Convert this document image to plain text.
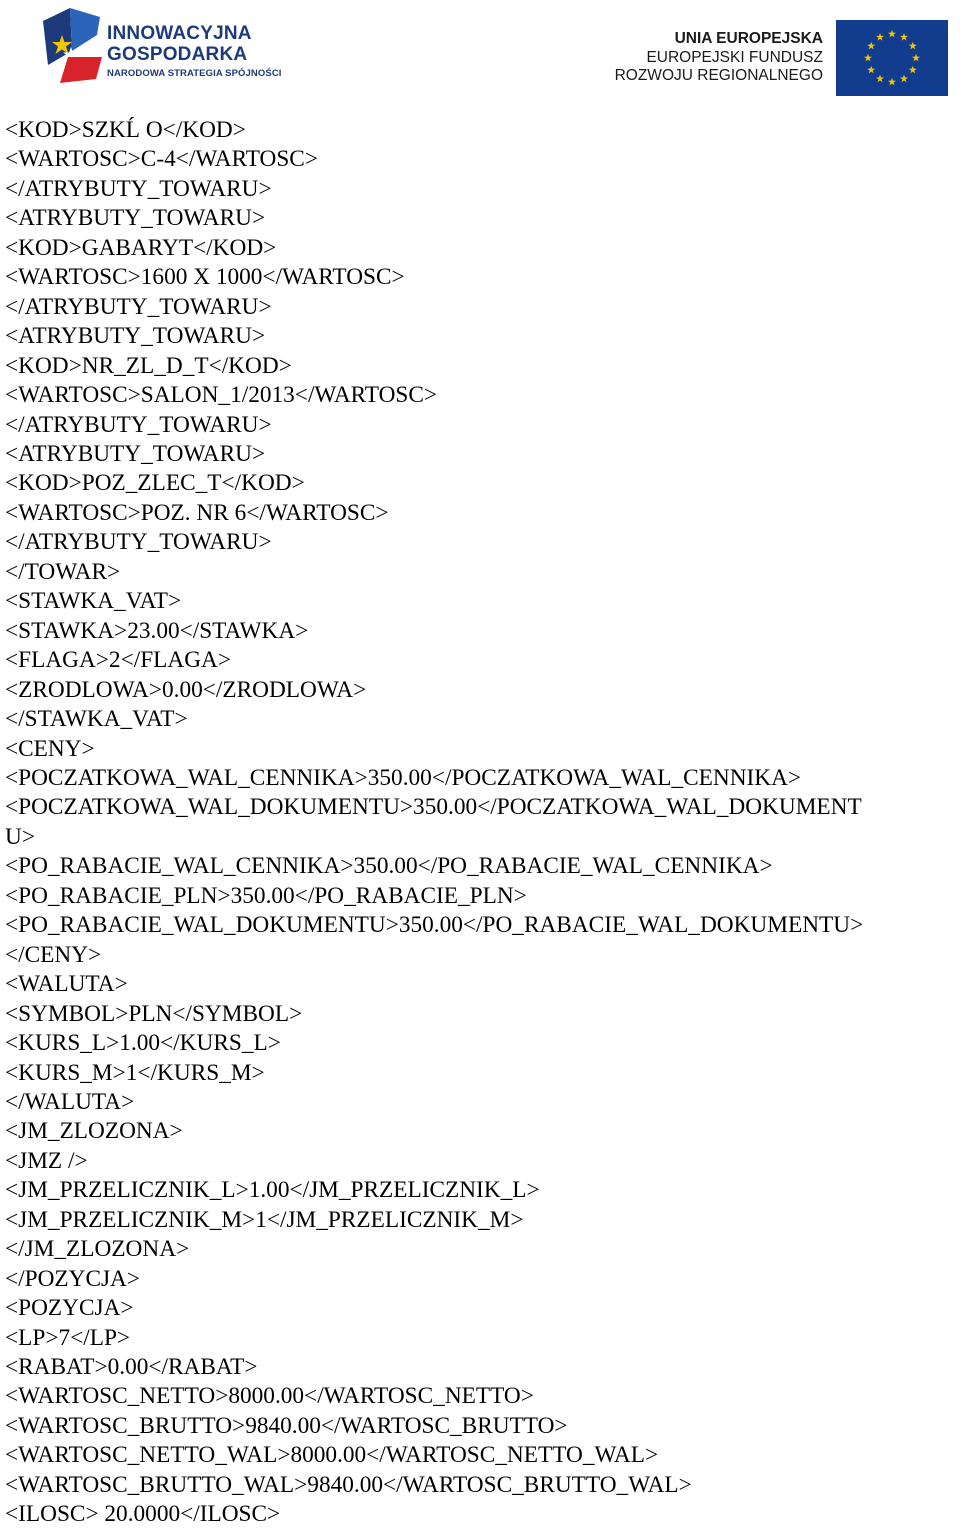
INNOWACYJNA
GOSPODARKA
NARODOWA STRATEGIA SPÓJNOŚCI
UNIA EUROPEJSKA
EUROPEJSKI FUNDUSZ
ROZWOJU REGIONALNEGO
<KOD>SZKĹ O</KOD>
<WARTOSC>C-4</WARTOSC>
</ATRYBUTY_TOWARU>
<ATRYBUTY_TOWARU>
<KOD>GABARYT</KOD>
<WARTOSC>1600 X 1000</WARTOSC>
</ATRYBUTY_TOWARU>
<ATRYBUTY_TOWARU>
<KOD>NR_ZL_D_T</KOD>
<WARTOSC>SALON_1/2013</WARTOSC>
</ATRYBUTY_TOWARU>
<ATRYBUTY_TOWARU>
<KOD>POZ_ZLEC_T</KOD>
<WARTOSC>POZ. NR 6</WARTOSC>
</ATRYBUTY_TOWARU>
</TOWAR>
<STAWKA_VAT>
<STAWKA>23.00</STAWKA>
<FLAGA>2</FLAGA>
<ZRODLOWA>0.00</ZRODLOWA>
</STAWKA_VAT>
<CENY>
<POCZATKOWA_WAL_CENNIKA>350.00</POCZATKOWA_WAL_CENNIKA>
<POCZATKOWA_WAL_DOKUMENTU>350.00</POCZATKOWA_WAL_DOKUMENT
U>
<PO_RABACIE_WAL_CENNIKA>350.00</PO_RABACIE_WAL_CENNIKA>
<PO_RABACIE_PLN>350.00</PO_RABACIE_PLN>
<PO_RABACIE_WAL_DOKUMENTU>350.00</PO_RABACIE_WAL_DOKUMENTU>
</CENY>
<WALUTA>
<SYMBOL>PLN</SYMBOL>
<KURS_L>1.00</KURS_L>
<KURS_M>1</KURS_M>
</WALUTA>
<JM_ZLOZONA>
<JMZ />
<JM_PRZELICZNIK_L>1.00</JM_PRZELICZNIK_L>
<JM_PRZELICZNIK_M>1</JM_PRZELICZNIK_M>
</JM_ZLOZONA>
</POZYCJA>
<POZYCJA>
<LP>7</LP>
<RABAT>0.00</RABAT>
<WARTOSC_NETTO>8000.00</WARTOSC_NETTO>
<WARTOSC_BRUTTO>9840.00</WARTOSC_BRUTTO>
<WARTOSC_NETTO_WAL>8000.00</WARTOSC_NETTO_WAL>
<WARTOSC_BRUTTO_WAL>9840.00</WARTOSC_BRUTTO_WAL>
<ILOSC> 20.0000</ILOSC>
